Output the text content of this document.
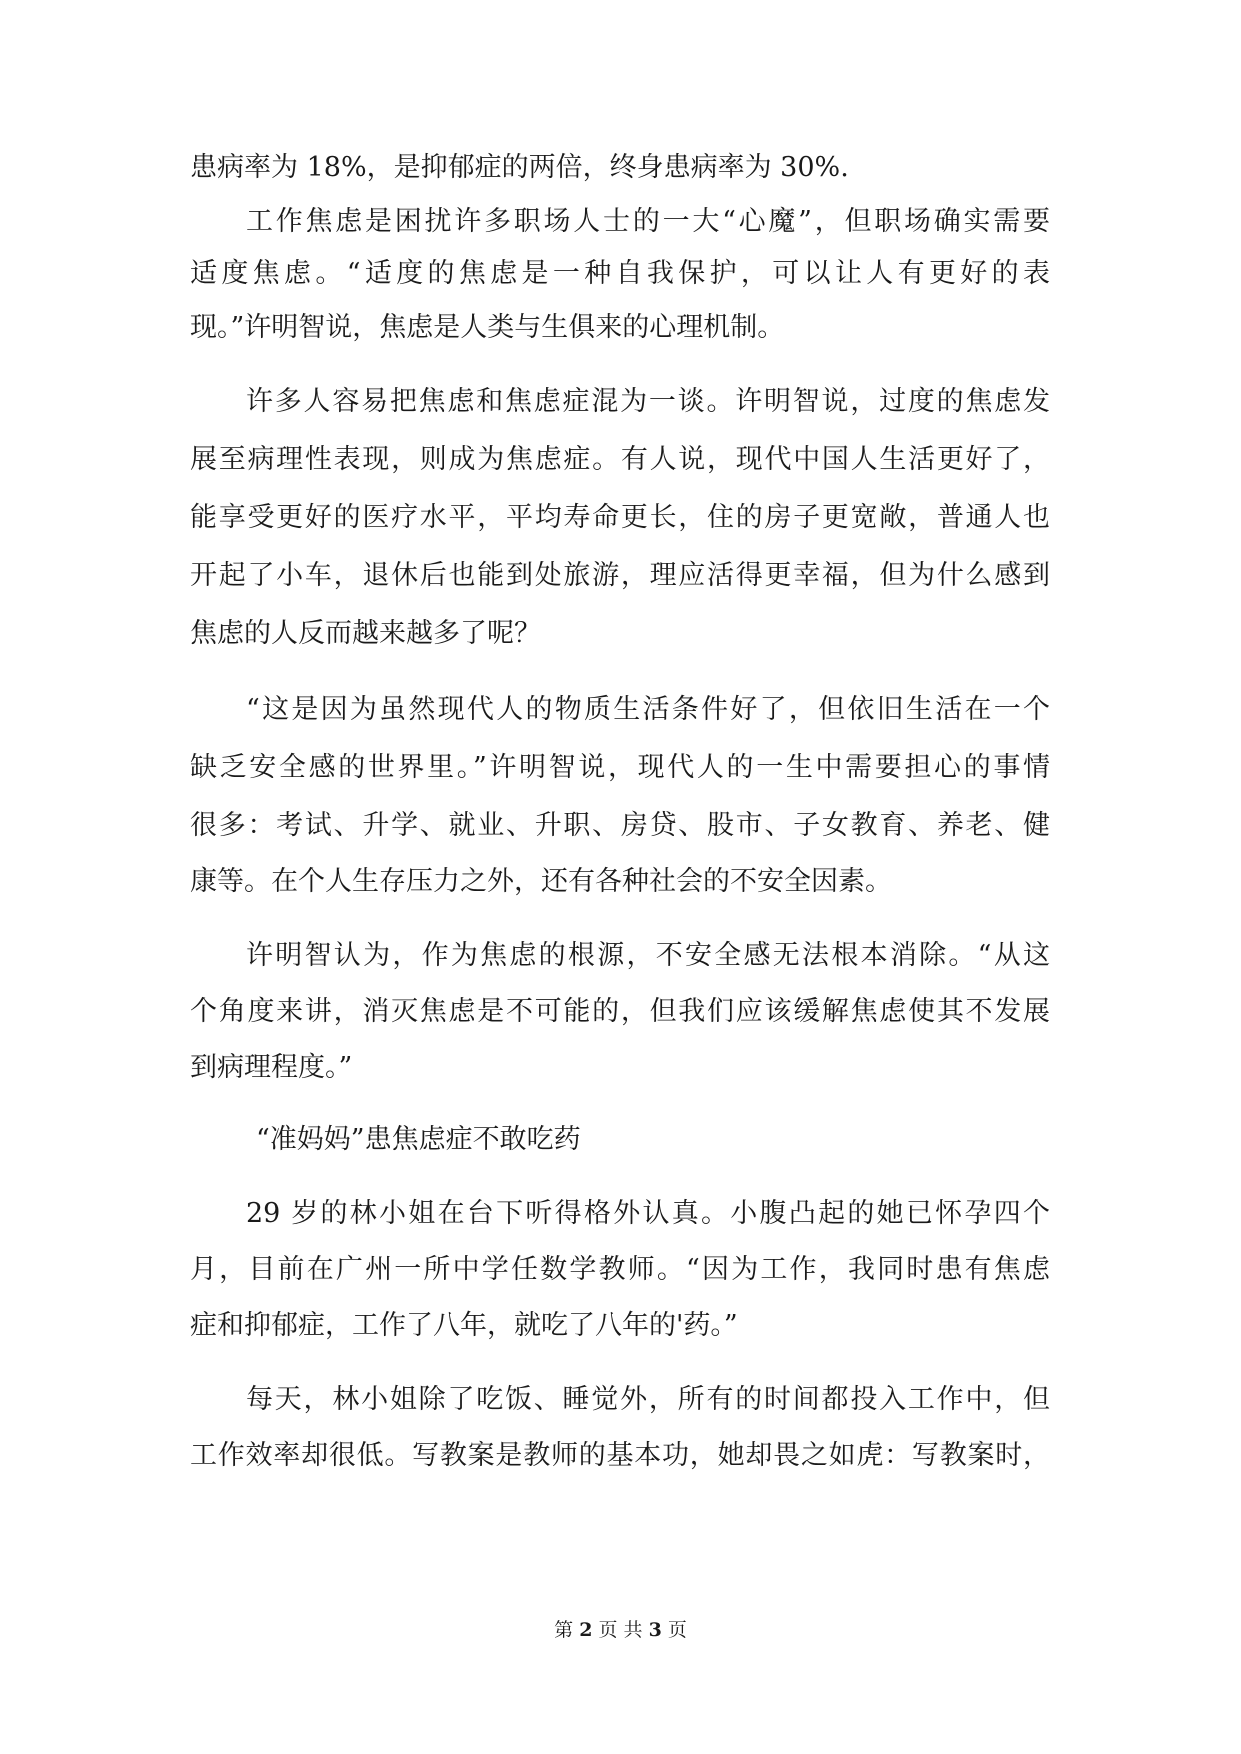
患病率为 18%，是抑郁症的两倍，终身患病率为 30%.
工作焦虑是困扰许多职场人士的一大“心魔”，但职场确实需要
适度焦虑。“适度的焦虑是一种自我保护，可以让人有更好的表
现。”许明智说，焦虑是人类与生俱来的心理机制。
许多人容易把焦虑和焦虑症混为一谈。许明智说，过度的焦虑发
展至病理性表现，则成为焦虑症。有人说，现代中国人生活更好了，
能享受更好的医疗水平，平均寿命更长，住的房子更宽敞，普通人也
开起了小车，退休后也能到处旅游，理应活得更幸福，但为什么感到
焦虑的人反而越来越多了呢？
“这是因为虽然现代人的物质生活条件好了，但依旧生活在一个
缺乏安全感的世界里。”许明智说，现代人的一生中需要担心的事情
很多：考试、升学、就业、升职、房贷、股市、子女教育、养老、健
康等。在个人生存压力之外，还有各种社会的不安全因素。
许明智认为，作为焦虑的根源，不安全感无法根本消除。“从这
个角度来讲，消灭焦虑是不可能的，但我们应该缓解焦虑使其不发展
到病理程度。”
“准妈妈”患焦虑症不敢吃药
29 岁的林小姐在台下听得格外认真。小腹凸起的她已怀孕四个
月，目前在广州一所中学任数学教师。“因为工作，我同时患有焦虑
症和抑郁症，工作了八年，就吃了八年的'药。”
每天，林小姐除了吃饭、睡觉外，所有的时间都投入工作中，但
工作效率却很低。写教案是教师的基本功，她却畏之如虎：写教案时，
第 2 页 共 3 页
